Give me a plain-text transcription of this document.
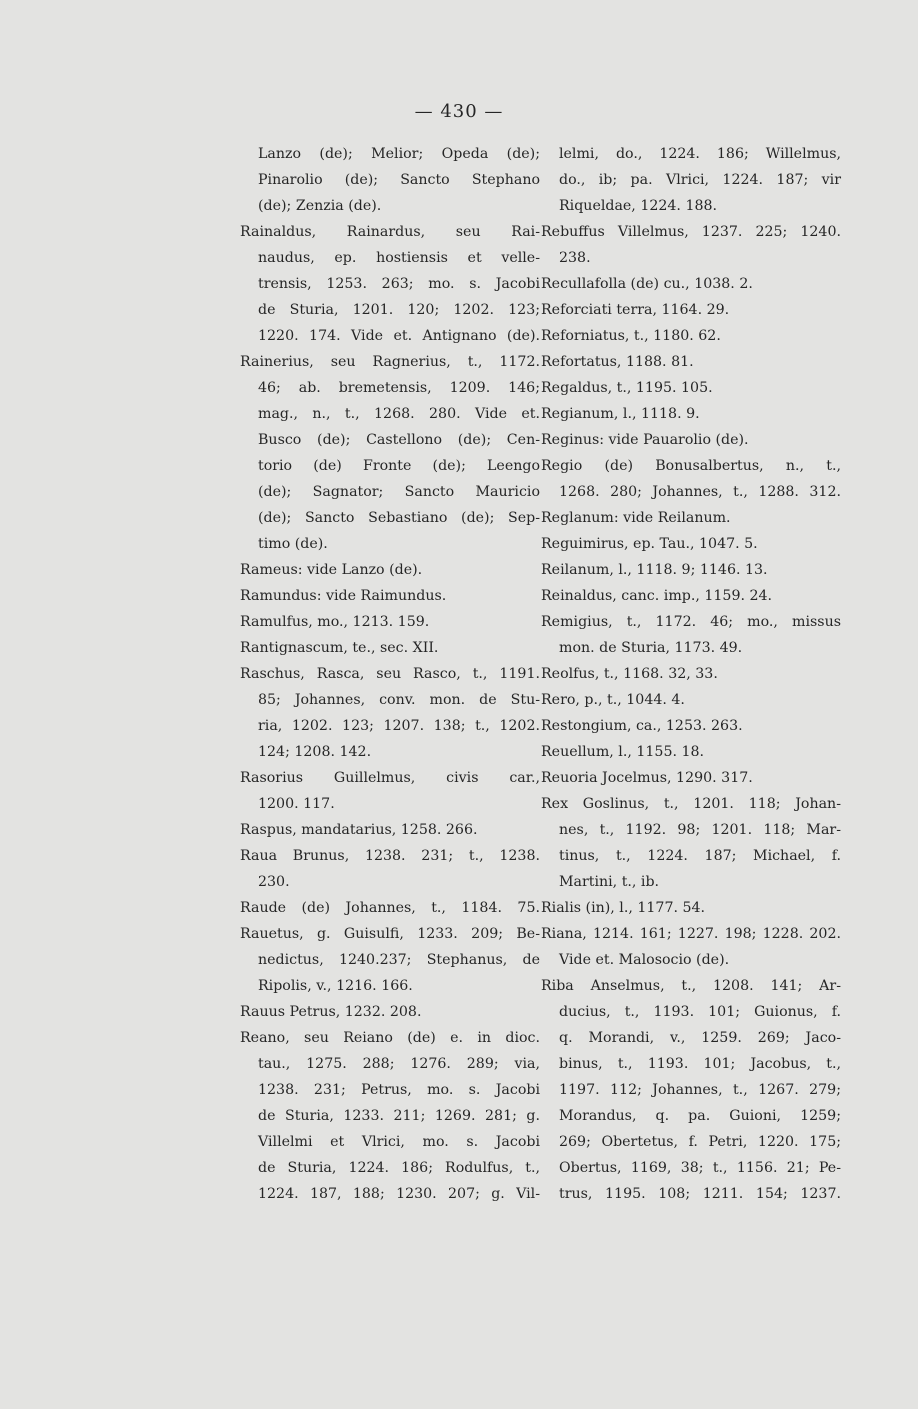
— 430 —
Lanzo (de); Melior; Opeda (de);
Pinarolio (de); Sancto Stephano
(de); Zenzia (de).
Rainaldus, Rainardus, seu Rai-
naudus, ep. hostiensis et velle-
trensis, 1253. 263; mo. s. Jacobi
de Sturia, 1201. 120; 1202. 123;
1220. 174. Vide et. Antignano (de).
Rainerius, seu Ragnerius, t., 1172.
46; ab. bremetensis, 1209. 146;
mag., n., t., 1268. 280. Vide et.
Busco (de); Castellono (de); Cen-
torio (de) Fronte (de); Leengo
(de); Sagnator; Sancto Mauricio
(de); Sancto Sebastiano (de); Sep-
timo (de).
Rameus: vide Lanzo (de).
Ramundus: vide Raimundus.
Ramulfus, mo., 1213. 159.
Rantignascum, te., sec. XII.
Raschus, Rasca, seu Rasco, t., 1191.
85; Johannes, conv. mon. de Stu-
ria, 1202. 123; 1207. 138; t., 1202.
124; 1208. 142.
Rasorius Guillelmus, civis car.,
1200. 117.
Raspus, mandatarius, 1258. 266.
Raua Brunus, 1238. 231; t., 1238.
230.
Raude (de) Johannes, t., 1184. 75.
Rauetus, g. Guisulfi, 1233. 209; Be-
nedictus, 1240.237; Stephanus, de
Ripolis, v., 1216. 166.
Rauus Petrus, 1232. 208.
Reano, seu Reiano (de) e. in dioc.
tau., 1275. 288; 1276. 289; via,
1238. 231; Petrus, mo. s. Jacobi
de Sturia, 1233. 211; 1269. 281; g.
Villelmi et Vlrici, mo. s. Jacobi
de Sturia, 1224. 186; Rodulfus, t.,
1224. 187, 188; 1230. 207; g. Vil-
lelmi, do., 1224. 186; Willelmus,
do., ib; pa. Vlrici, 1224. 187; vir
Riqueldae, 1224. 188.
Rebuffus Villelmus, 1237. 225; 1240.
238.
Recullafolla (de) cu., 1038. 2.
Reforciati terra, 1164. 29.
Reforniatus, t., 1180. 62.
Refortatus, 1188. 81.
Regaldus, t., 1195. 105.
Regianum, l., 1118. 9.
Reginus: vide Pauarolio (de).
Regio (de) Bonusalbertus, n., t.,
1268. 280; Johannes, t., 1288. 312.
Reglanum: vide Reilanum.
Reguimirus, ep. Tau., 1047. 5.
Reilanum, l., 1118. 9; 1146. 13.
Reinaldus, canc. imp., 1159. 24.
Remigius, t., 1172. 46; mo., missus
mon. de Sturia, 1173. 49.
Reolfus, t., 1168. 32, 33.
Rero, p., t., 1044. 4.
Restongium, ca., 1253. 263.
Reuellum, l., 1155. 18.
Reuoria Jocelmus, 1290. 317.
Rex Goslinus, t., 1201. 118; Johan-
nes, t., 1192. 98; 1201. 118; Mar-
tinus, t., 1224. 187; Michael, f.
Martini, t., ib.
Rialis (in), l., 1177. 54.
Riana, 1214. 161; 1227. 198; 1228. 202.
Vide et. Malosocio (de).
Riba Anselmus, t., 1208. 141; Ar-
ducius, t., 1193. 101; Guionus, f.
q. Morandi, v., 1259. 269; Jaco-
binus, t., 1193. 101; Jacobus, t.,
1197. 112; Johannes, t., 1267. 279;
Morandus, q. pa. Guioni, 1259;
269; Obertetus, f. Petri, 1220. 175;
Obertus, 1169, 38; t., 1156. 21; Pe-
trus, 1195. 108; 1211. 154; 1237.
